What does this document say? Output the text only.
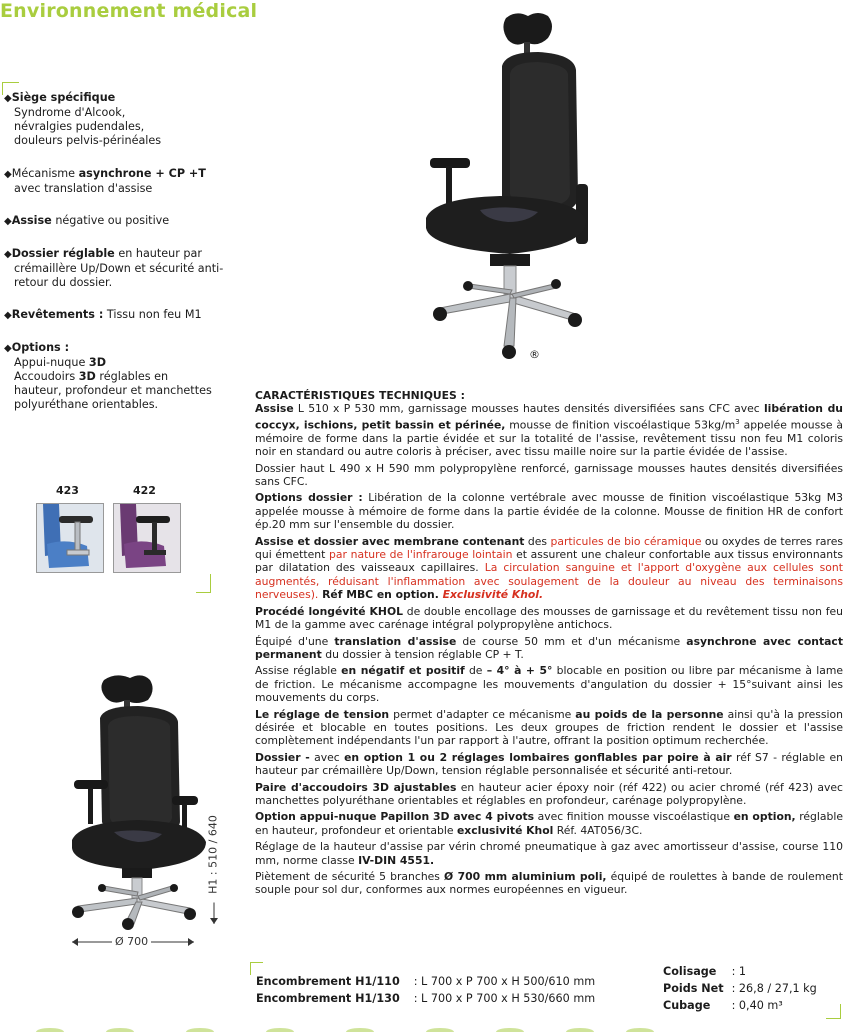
Environnement médical
◆Siège spécifique
Syndrome d'Alcook,
névralgies pudendales,
douleurs pelvis-périnéales
◆Mécanisme asynchrone + CP +T
avec translation d'assise
◆Assise négative ou positive
◆Dossier réglable en hauteur par
crémaillère Up/Down et sécurité anti-
retour du dossier.
◆Revêtements : Tissu non feu M1
◆Options :
Appui-nuque 3D
Accoudoirs 3D réglables en
hauteur, profondeur et manchettes
polyuréthane orientables.
423	422
®
H1 : 510 / 640
Ø 700

CARACTÉRISTIQUES TECHNIQUES :

Assise L 510 x P 530 mm, garnissage mousses hautes densités diversifiées sans CFC avec libération du coccyx, ischions, petit bassin et périnée, mousse de finition viscoélastique $53kg/m^3$ appelée mousse à mémoire de forme dans la partie évidée et sur la totalité de l'assise, revêtement tissu non feu M1 coloris noir en standard ou autre coloris à préciser, avec tissu maille noire sur la partie évidée de l'assise.

Dossier haut L 490 x H 590 mm polypropylène renforcé, garnissage mousses hautes densités diversifiées sans CFC.

Options dossier : Libération de la colonne vertébrale avec mousse de finition viscoélastique 53kg M3 appelée mousse à mémoire de forme dans la partie évidée de la colonne. Mousse de finition HR de confort ép.20 mm sur l'ensemble du dossier.

Assise et dossier avec membrane contenant des particules de bio céramique ou oxydes de terres rares qui émettent par nature de l'infrarouge lointain et assurent une chaleur confortable aux tissus environnants par dilatation des vaisseaux capillaires. La circulation sanguine et l'apport d'oxygène aux cellules sont augmentés, réduisant l'inflammation avec soulagement de la douleur au niveau des terminaisons nerveuses). Réf MBC en option. Exclusivité Khol.

Procédé longévité KHOL de double encollage des mousses de garnissage et du revêtement tissu non feu M1 de la gamme avec carénage intégral polypropylène antichocs.

Équipé d'une translation d'assise de course 50 mm et d'un mécanisme asynchrone avec contact permanent du dossier à tension réglable CP + T.

Assise réglable en négatif et positif de – 4° à + 5° blocable en position ou libre par mécanisme à lame de friction. Le mécanisme accompagne les mouvements d'angulation du dossier + 15°suivant ainsi les mouvements du corps.

Le réglage de tension permet d'adapter ce mécanisme au poids de la personne ainsi qu'à la pression désirée et blocable en toutes positions. Les deux groupes de friction rendent le dossier et l'assise complètement indépendants l'un par rapport à l'autre, offrant la position optimum recherchée.

Dossier - avec en option 1 ou 2 réglages lombaires gonflables par poire à air réf S7 - réglable en hauteur par crémaillère Up/Down, tension réglable personnalisée et sécurité anti-retour.

Paire d'accoudoirs 3D ajustables en hauteur acier époxy noir (réf 422) ou acier chromé (réf 423) avec manchettes polyuréthane orientables et réglables en profondeur, carénage polypropylène.

Option appui-nuque Papillon 3D avec 4 pivots avec finition mousse viscoélastique en option, réglable en hauteur, profondeur et orientable exclusivité Khol Réf. 4AT056/3C.

Réglage de la hauteur d'assise par vérin chromé pneumatique à gaz avec amortisseur d'assise, course 110 mm, norme classe IV-DIN 4551.

Piètement de sécurité 5 branches Ø 700 mm aluminium poli, équipé de roulettes à bande de roulement souple pour sol dur, conformes aux normes européennes en vigueur.

Encombrement H1/110	: L 700 x P 700 x H 500/610 mm
Encombrement H1/130	: L 700 x P 700 x H 530/660 mm
Colisage	: 1
Poids Net	: 26,8 / 27,1 kg
Cubage	: 0,40 m³
